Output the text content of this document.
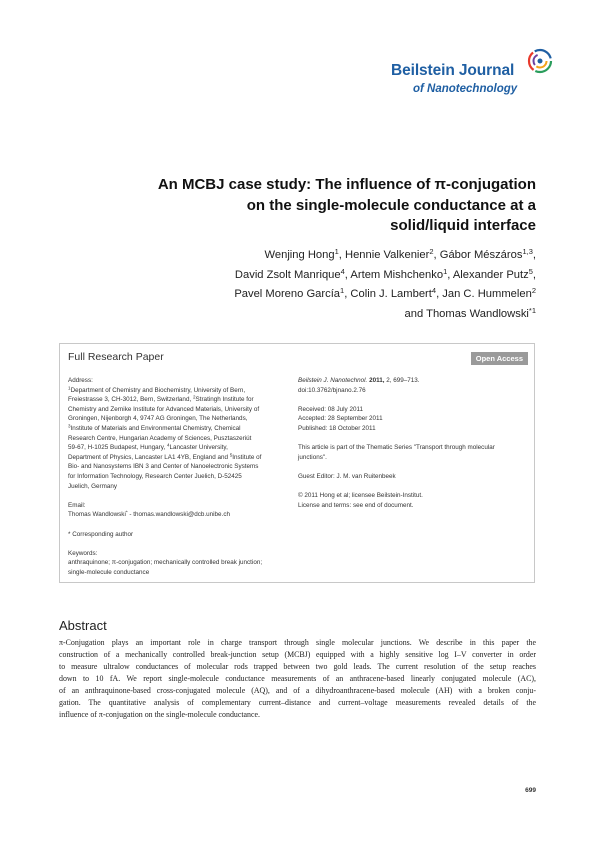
Beilstein Journal
of Nanotechnology
An MCBJ case study: The influence of π-conjugation
on the single-molecule conductance at a
solid/liquid interface
Wenjing Hong$^1$, Hennie Valkenier$^2$, Gábor Mészáros$^{1,3}$,
David Zsolt Manrique$^4$, Artem Mishchenko$^1$, Alexander Putz$^5$,
Pavel Moreno García$^1$, Colin J. Lambert$^4$, Jan C. Hummelen$^2$
and Thomas Wandlowski$^{*1}$
Full Research Paper	Open Access
Address:
$^1$Department of Chemistry and Biochemistry, University of Bern,
Freiestrasse 3, CH-3012, Bern, Switzerland, $^2$Stratingh Institute for
Chemistry and Zernike Institute for Advanced Materials, University of
Groningen, Nijenborgh 4, 9747 AG Groningen, The Netherlands,
$^3$Institute of Materials and Environmental Chemistry, Chemical
Research Centre, Hungarian Academy of Sciences, Pusztaszeriút
59-67, H-1025 Budapest, Hungary, $^4$Lancaster University,
Department of Physics, Lancaster LA1 4YB, England and $^5$Institute of
Bio- and Nanosystems IBN 3 and Center of Nanoelectronic Systems
for Information Technology, Research Center Juelich, D-52425
Juelich, Germany
Email:
Thomas Wandlowski* - thomas.wandlowski@dcb.unibe.ch
* Corresponding author
Keywords:
anthraquinone; π-conjugation; mechanically controlled break junction;
single-molecule conductance
Beilstein J. Nanotechnol. 2011, 2, 699–713.
doi:10.3762/bjnano.2.76
Received: 08 July 2011
Accepted: 28 September 2011
Published: 18 October 2011
This article is part of the Thematic Series "Transport through molecular
junctions".
Guest Editor: J. M. van Ruitenbeek
© 2011 Hong et al; licensee Beilstein-Institut.
License and terms: see end of document.
Abstract
π-Conjugation plays an important role in charge transport through single molecular junctions. We describe in this paper the
construction of a mechanically controlled break-junction setup (MCBJ) equipped with a highly sensitive log I–V converter in order
to measure ultralow conductances of molecular rods trapped between two gold leads. The current resolution of the setup reaches
down to 10 fA. We report single-molecule conductance measurements of an anthracene-based linearly conjugated molecule (AC),
of an anthraquinone-based cross-conjugated molecule (AQ), and of a dihydroanthracene-based molecule (AH) with a broken conju-
gation. The quantitative analysis of complementary current–distance and current–voltage measurements revealed details of the
influence of π-conjugation on the single-molecule conductance.
699
